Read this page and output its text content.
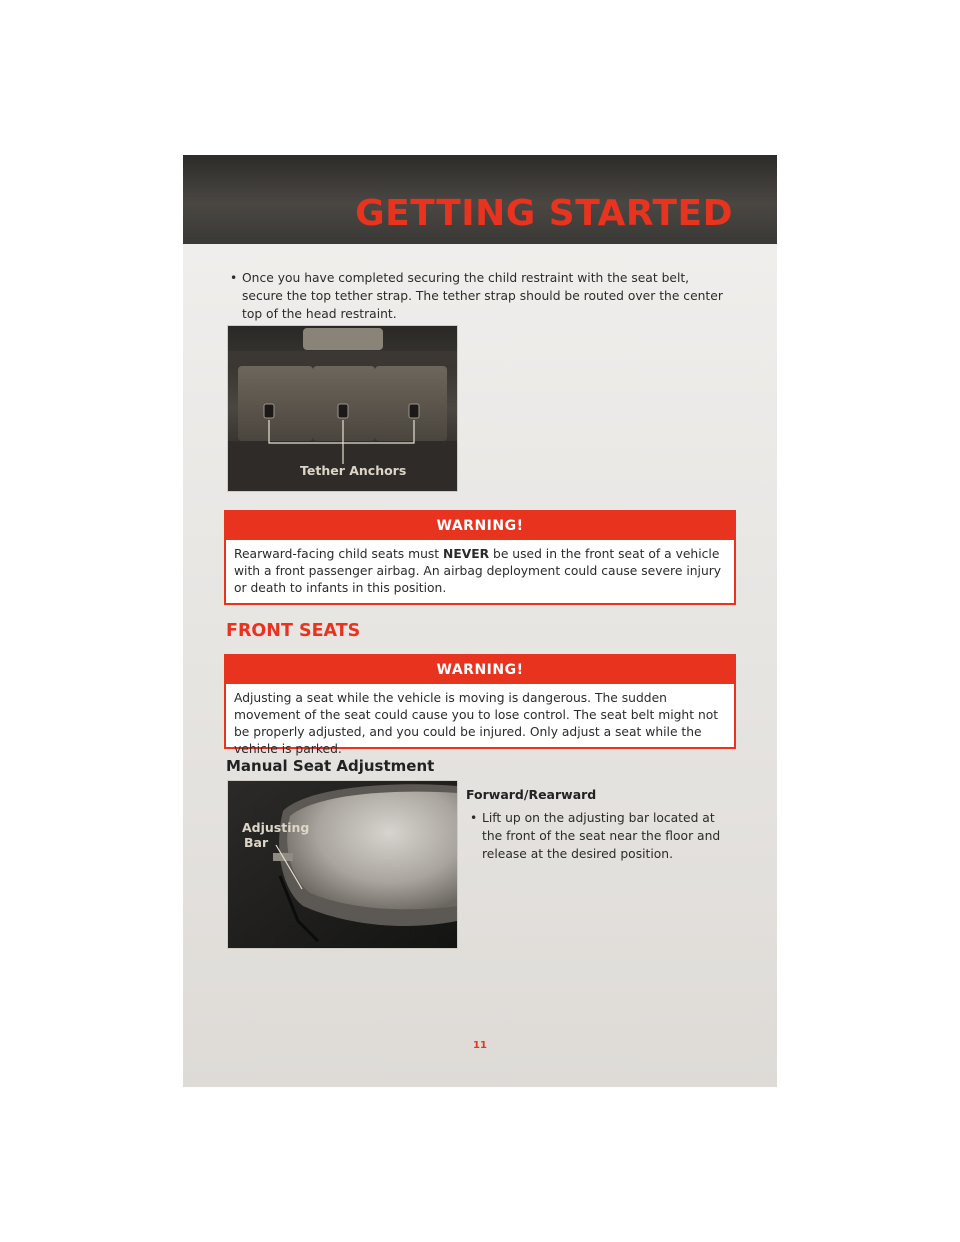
GETTING STARTED
• Once you have completed securing the child restraint with the seat belt, secure the top tether strap. The tether strap should be routed over the center top of the head restraint.
Tether Anchors
WARNING!
Rearward-facing child seats must NEVER be used in the front seat of a vehicle with a front passenger airbag. An airbag deployment could cause severe injury or death to infants in this position.
FRONT SEATS
WARNING!
Adjusting a seat while the vehicle is moving is dangerous. The sudden movement of the seat could cause you to lose control. The seat belt might not be properly adjusted, and you could be injured. Only adjust a seat while the vehicle is parked.
Manual Seat Adjustment
Adjusting
Bar
Forward/Rearward
• Lift up on the adjusting bar located at the front of the seat near the floor and release at the desired position.
11
